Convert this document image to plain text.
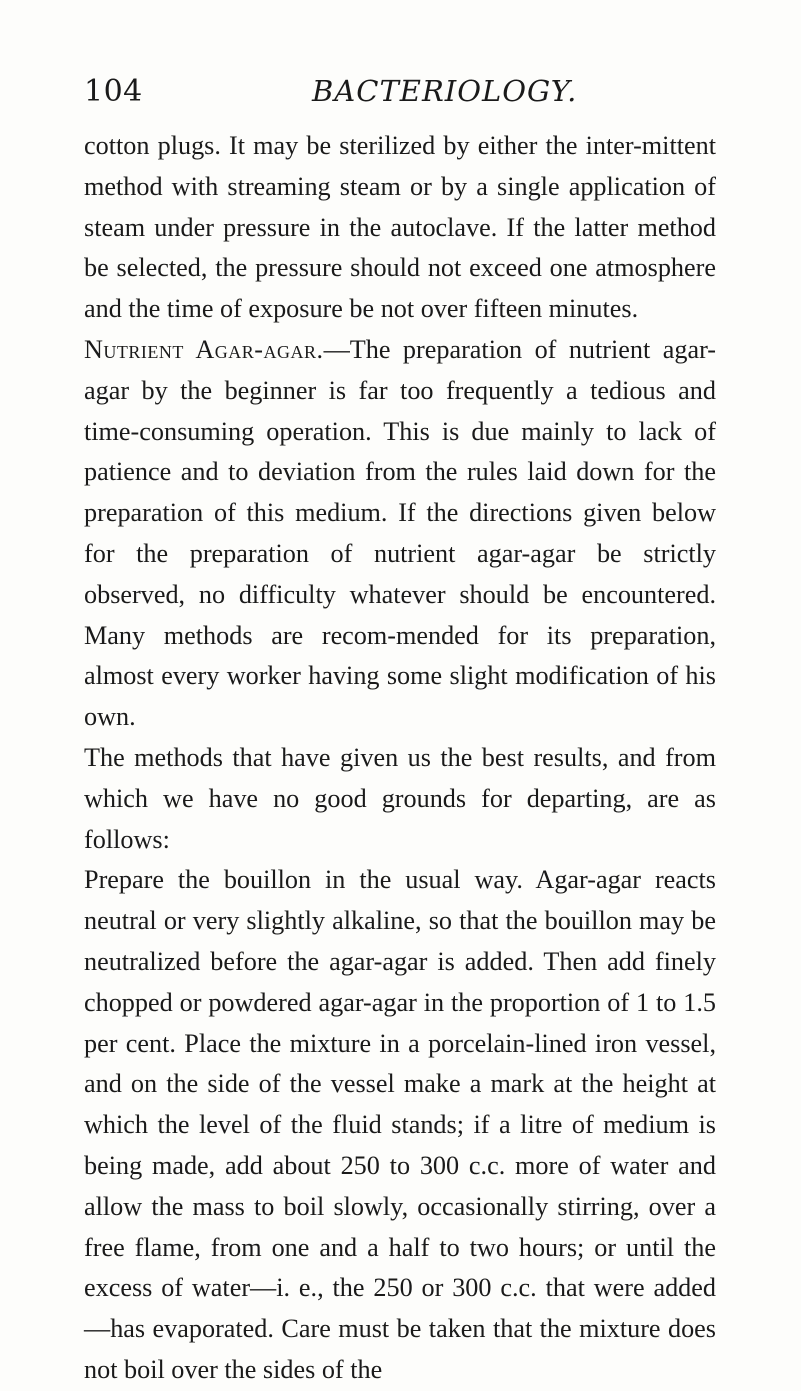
104	BACTERIOLOGY.

cotton plugs. It may be sterilized by either the inter-mittent method with streaming steam or by a single application of steam under pressure in the autoclave. If the latter method be selected, the pressure should not exceed one atmosphere and the time of exposure be not over fifteen minutes.

Nutrient Agar-agar.—The preparation of nutrient agar-agar by the beginner is far too frequently a tedious and time-consuming operation. This is due mainly to lack of patience and to deviation from the rules laid down for the preparation of this medium. If the directions given below for the preparation of nutrient agar-agar be strictly observed, no difficulty whatever should be encountered. Many methods are recom-mended for its preparation, almost every worker having some slight modification of his own.

The methods that have given us the best results, and from which we have no good grounds for departing, are as follows:

Prepare the bouillon in the usual way. Agar-agar reacts neutral or very slightly alkaline, so that the bouillon may be neutralized before the agar-agar is added. Then add finely chopped or powdered agar-agar in the proportion of 1 to 1.5 per cent. Place the mixture in a porcelain-lined iron vessel, and on the side of the vessel make a mark at the height at which the level of the fluid stands; if a litre of medium is being made, add about 250 to 300 c.c. more of water and allow the mass to boil slowly, occasionally stirring, over a free flame, from one and a half to two hours; or until the excess of water—i. e., the 250 or 300 c.c. that were added—has evaporated. Care must be taken that the mixture does not boil over the sides of the
